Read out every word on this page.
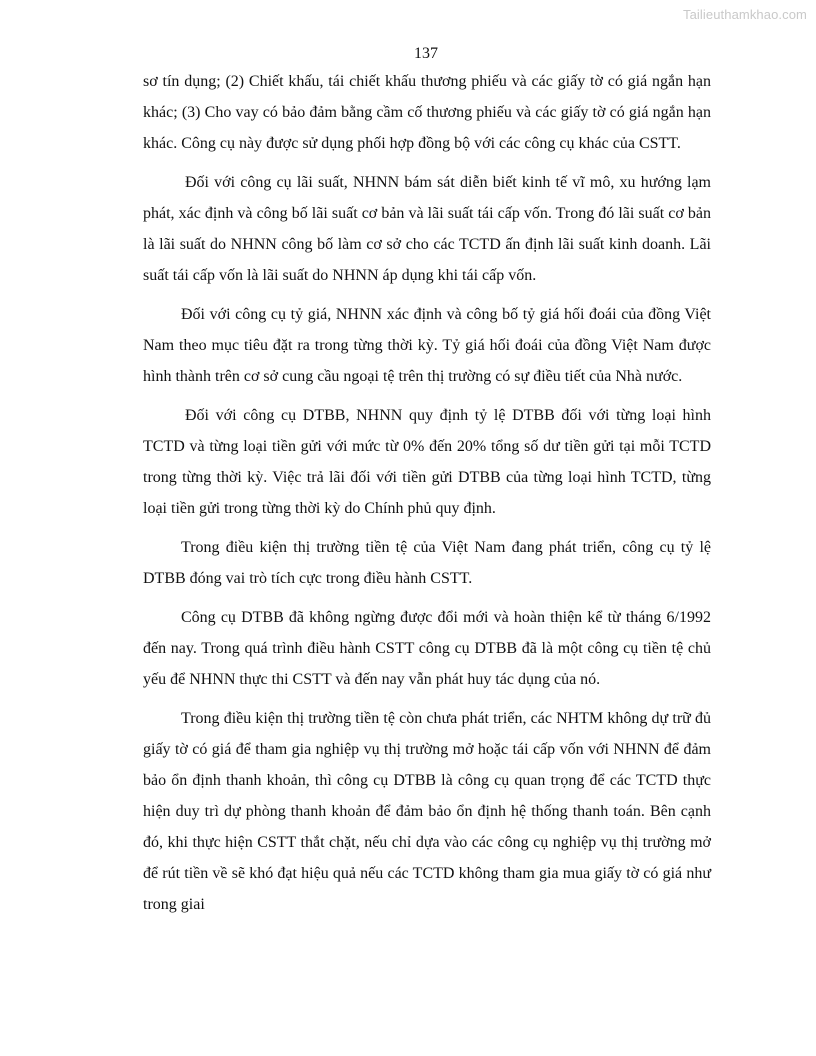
Tailieuthamkhao.com
137

sơ tín dụng; (2) Chiết khấu, tái chiết khấu thương phiếu và các giấy tờ có giá ngắn hạn khác; (3) Cho vay có bảo đảm bằng cầm cố thương phiếu và các giấy tờ có giá ngắn hạn khác. Công cụ này được sử dụng phối hợp đồng bộ với các công cụ khác của CSTT.

Đối với công cụ lãi suất, NHNN bám sát diễn biết kinh tế vĩ mô, xu hướng lạm phát, xác định và công bố lãi suất cơ bản và lãi suất tái cấp vốn. Trong đó lãi suất cơ bản là lãi suất do NHNN công bố làm cơ sở cho các TCTD ấn định lãi suất kinh doanh. Lãi suất tái cấp vốn là lãi suất do NHNN áp dụng khi tái cấp vốn.

Đối với công cụ tỷ giá, NHNN xác định và công bố tỷ giá hối đoái của đồng Việt Nam theo mục tiêu đặt ra trong từng thời kỳ. Tỷ giá hối đoái của đồng Việt Nam được hình thành trên cơ sở cung cầu ngoại tệ trên thị trường có sự điều tiết của Nhà nước.

Đối với công cụ DTBB, NHNN quy định tỷ lệ DTBB đối với từng loại hình TCTD và từng loại tiền gửi với mức từ 0% đến 20% tổng số dư tiền gửi tại mỗi TCTD trong từng thời kỳ. Việc trả lãi đối với tiền gửi DTBB của từng loại hình TCTD, từng loại tiền gửi trong từng thời kỳ do Chính phủ quy định.

Trong điều kiện thị trường tiền tệ của Việt Nam đang phát triển, công cụ tỷ lệ DTBB đóng vai trò tích cực trong điều hành CSTT.

Công cụ DTBB đã không ngừng được đổi mới và hoàn thiện kể từ tháng 6/1992 đến nay. Trong quá trình điều hành CSTT công cụ DTBB đã là một công cụ tiền tệ chủ yếu để NHNN thực thi CSTT và đến nay vẫn phát huy tác dụng của nó.

Trong điều kiện thị trường tiền tệ còn chưa phát triển, các NHTM không dự trữ đủ giấy tờ có giá để tham gia nghiệp vụ thị trường mở hoặc tái cấp vốn với NHNN để đảm bảo ổn định thanh khoản, thì công cụ DTBB là công cụ quan trọng để các TCTD thực hiện duy trì dự phòng thanh khoản để đảm bảo ổn định hệ thống thanh toán. Bên cạnh đó, khi thực hiện CSTT thắt chặt, nếu chỉ dựa vào các công cụ nghiệp vụ thị trường mở để rút tiền về sẽ khó đạt hiệu quả nếu các TCTD không tham gia mua giấy tờ có giá như trong giai
